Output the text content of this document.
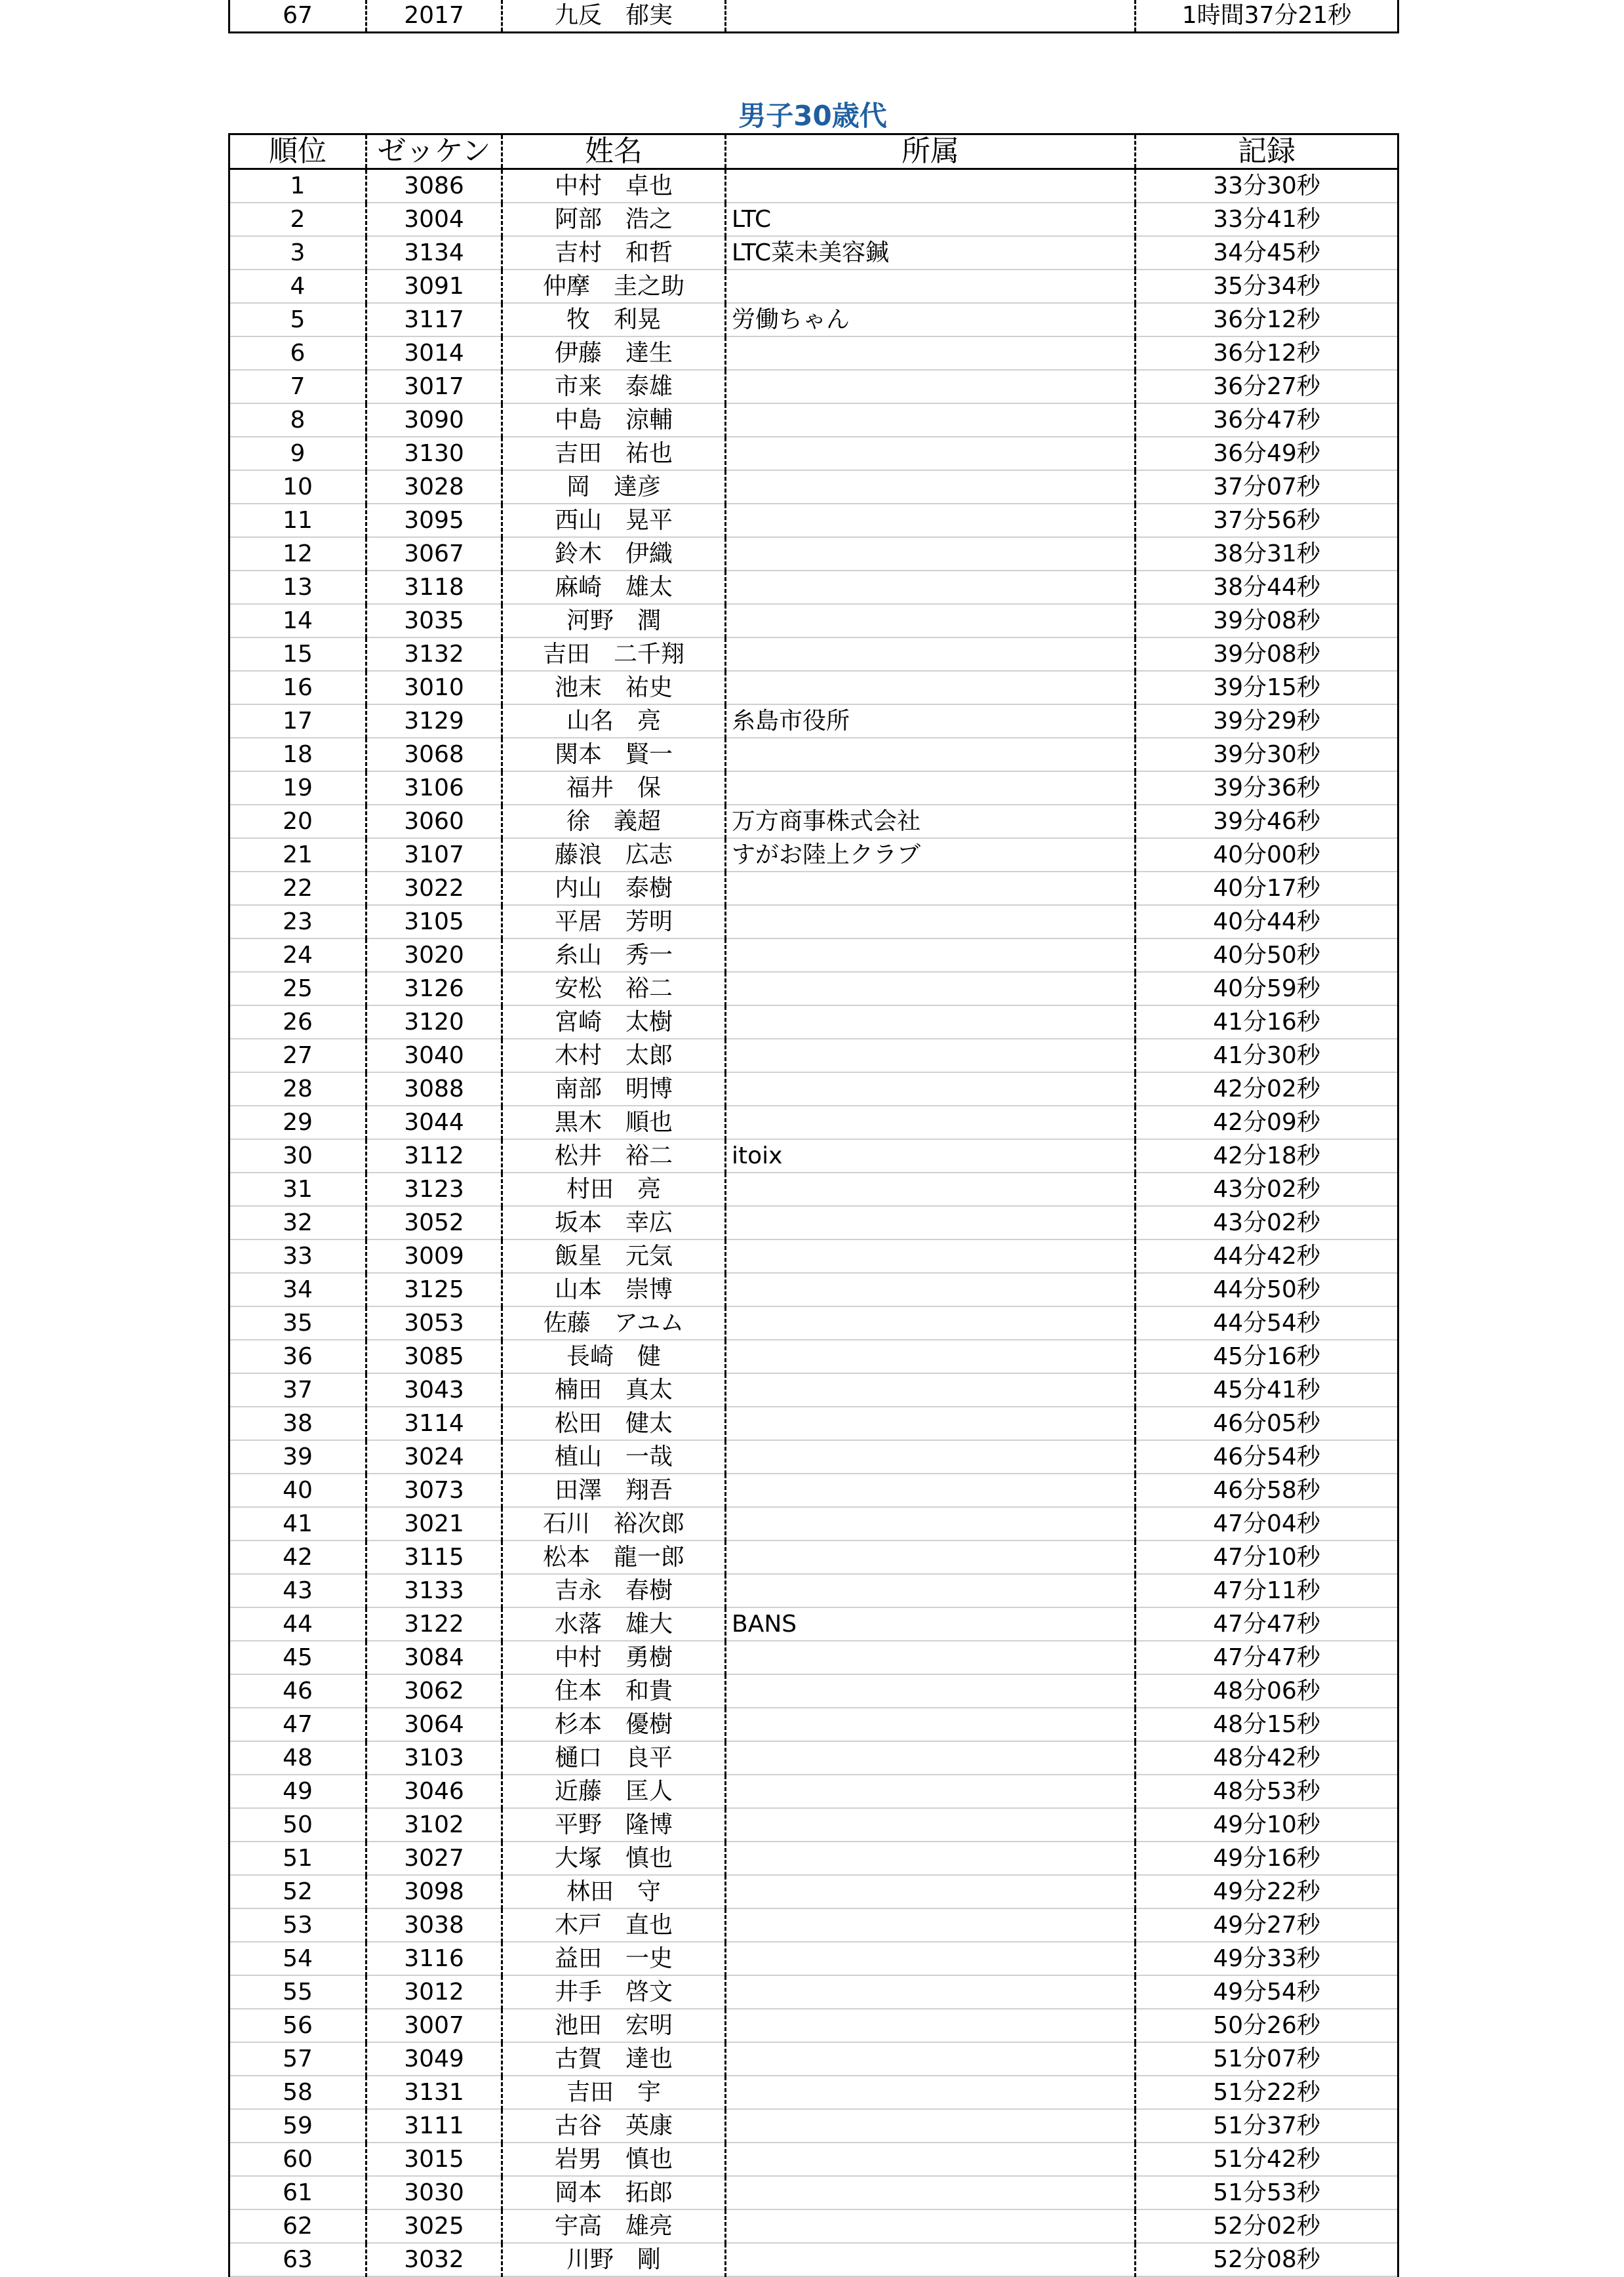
67	2017	九反　郁実		1時間37分21秒
男子30歳代
順位	ゼッケン	姓名	所属	記録
1	3086	中村　卓也		33分30秒
2	3004	阿部　浩之	LTC	33分41秒
3	3134	吉村　和哲	LTC菜未美容鍼	34分45秒
4	3091	仲摩　圭之助		35分34秒
5	3117	牧　利晃	労働ちゃん	36分12秒
6	3014	伊藤　達生		36分12秒
7	3017	市来　泰雄		36分27秒
8	3090	中島　涼輔		36分47秒
9	3130	吉田　祐也		36分49秒
10	3028	岡　達彦		37分07秒
11	3095	西山　晃平		37分56秒
12	3067	鈴木　伊織		38分31秒
13	3118	麻崎　雄太		38分44秒
14	3035	河野　潤		39分08秒
15	3132	吉田　二千翔		39分08秒
16	3010	池末　祐史		39分15秒
17	3129	山名　亮	糸島市役所	39分29秒
18	3068	関本　賢一		39分30秒
19	3106	福井　保		39分36秒
20	3060	徐　義超	万方商事株式会社	39分46秒
21	3107	藤浪　広志	すがお陸上クラブ	40分00秒
22	3022	内山　泰樹		40分17秒
23	3105	平居　芳明		40分44秒
24	3020	糸山　秀一		40分50秒
25	3126	安松　裕二		40分59秒
26	3120	宮崎　太樹		41分16秒
27	3040	木村　太郎		41分30秒
28	3088	南部　明博		42分02秒
29	3044	黒木　順也		42分09秒
30	3112	松井　裕二	itoix	42分18秒
31	3123	村田　亮		43分02秒
32	3052	坂本　幸広		43分02秒
33	3009	飯星　元気		44分42秒
34	3125	山本　崇博		44分50秒
35	3053	佐藤　アユム		44分54秒
36	3085	長崎　健		45分16秒
37	3043	楠田　真太		45分41秒
38	3114	松田　健太		46分05秒
39	3024	植山　一哉		46分54秒
40	3073	田澤　翔吾		46分58秒
41	3021	石川　裕次郎		47分04秒
42	3115	松本　龍一郎		47分10秒
43	3133	吉永　春樹		47分11秒
44	3122	水落　雄大	BANS	47分47秒
45	3084	中村　勇樹		47分47秒
46	3062	住本　和貴		48分06秒
47	3064	杉本　優樹		48分15秒
48	3103	樋口　良平		48分42秒
49	3046	近藤　匡人		48分53秒
50	3102	平野　隆博		49分10秒
51	3027	大塚　慎也		49分16秒
52	3098	林田　守		49分22秒
53	3038	木戸　直也		49分27秒
54	3116	益田　一史		49分33秒
55	3012	井手　啓文		49分54秒
56	3007	池田　宏明		50分26秒
57	3049	古賀　達也		51分07秒
58	3131	吉田　宇		51分22秒
59	3111	古谷　英康		51分37秒
60	3015	岩男　慎也		51分42秒
61	3030	岡本　拓郎		51分53秒
62	3025	宇高　雄亮		52分02秒
63	3032	川野　剛		52分08秒
